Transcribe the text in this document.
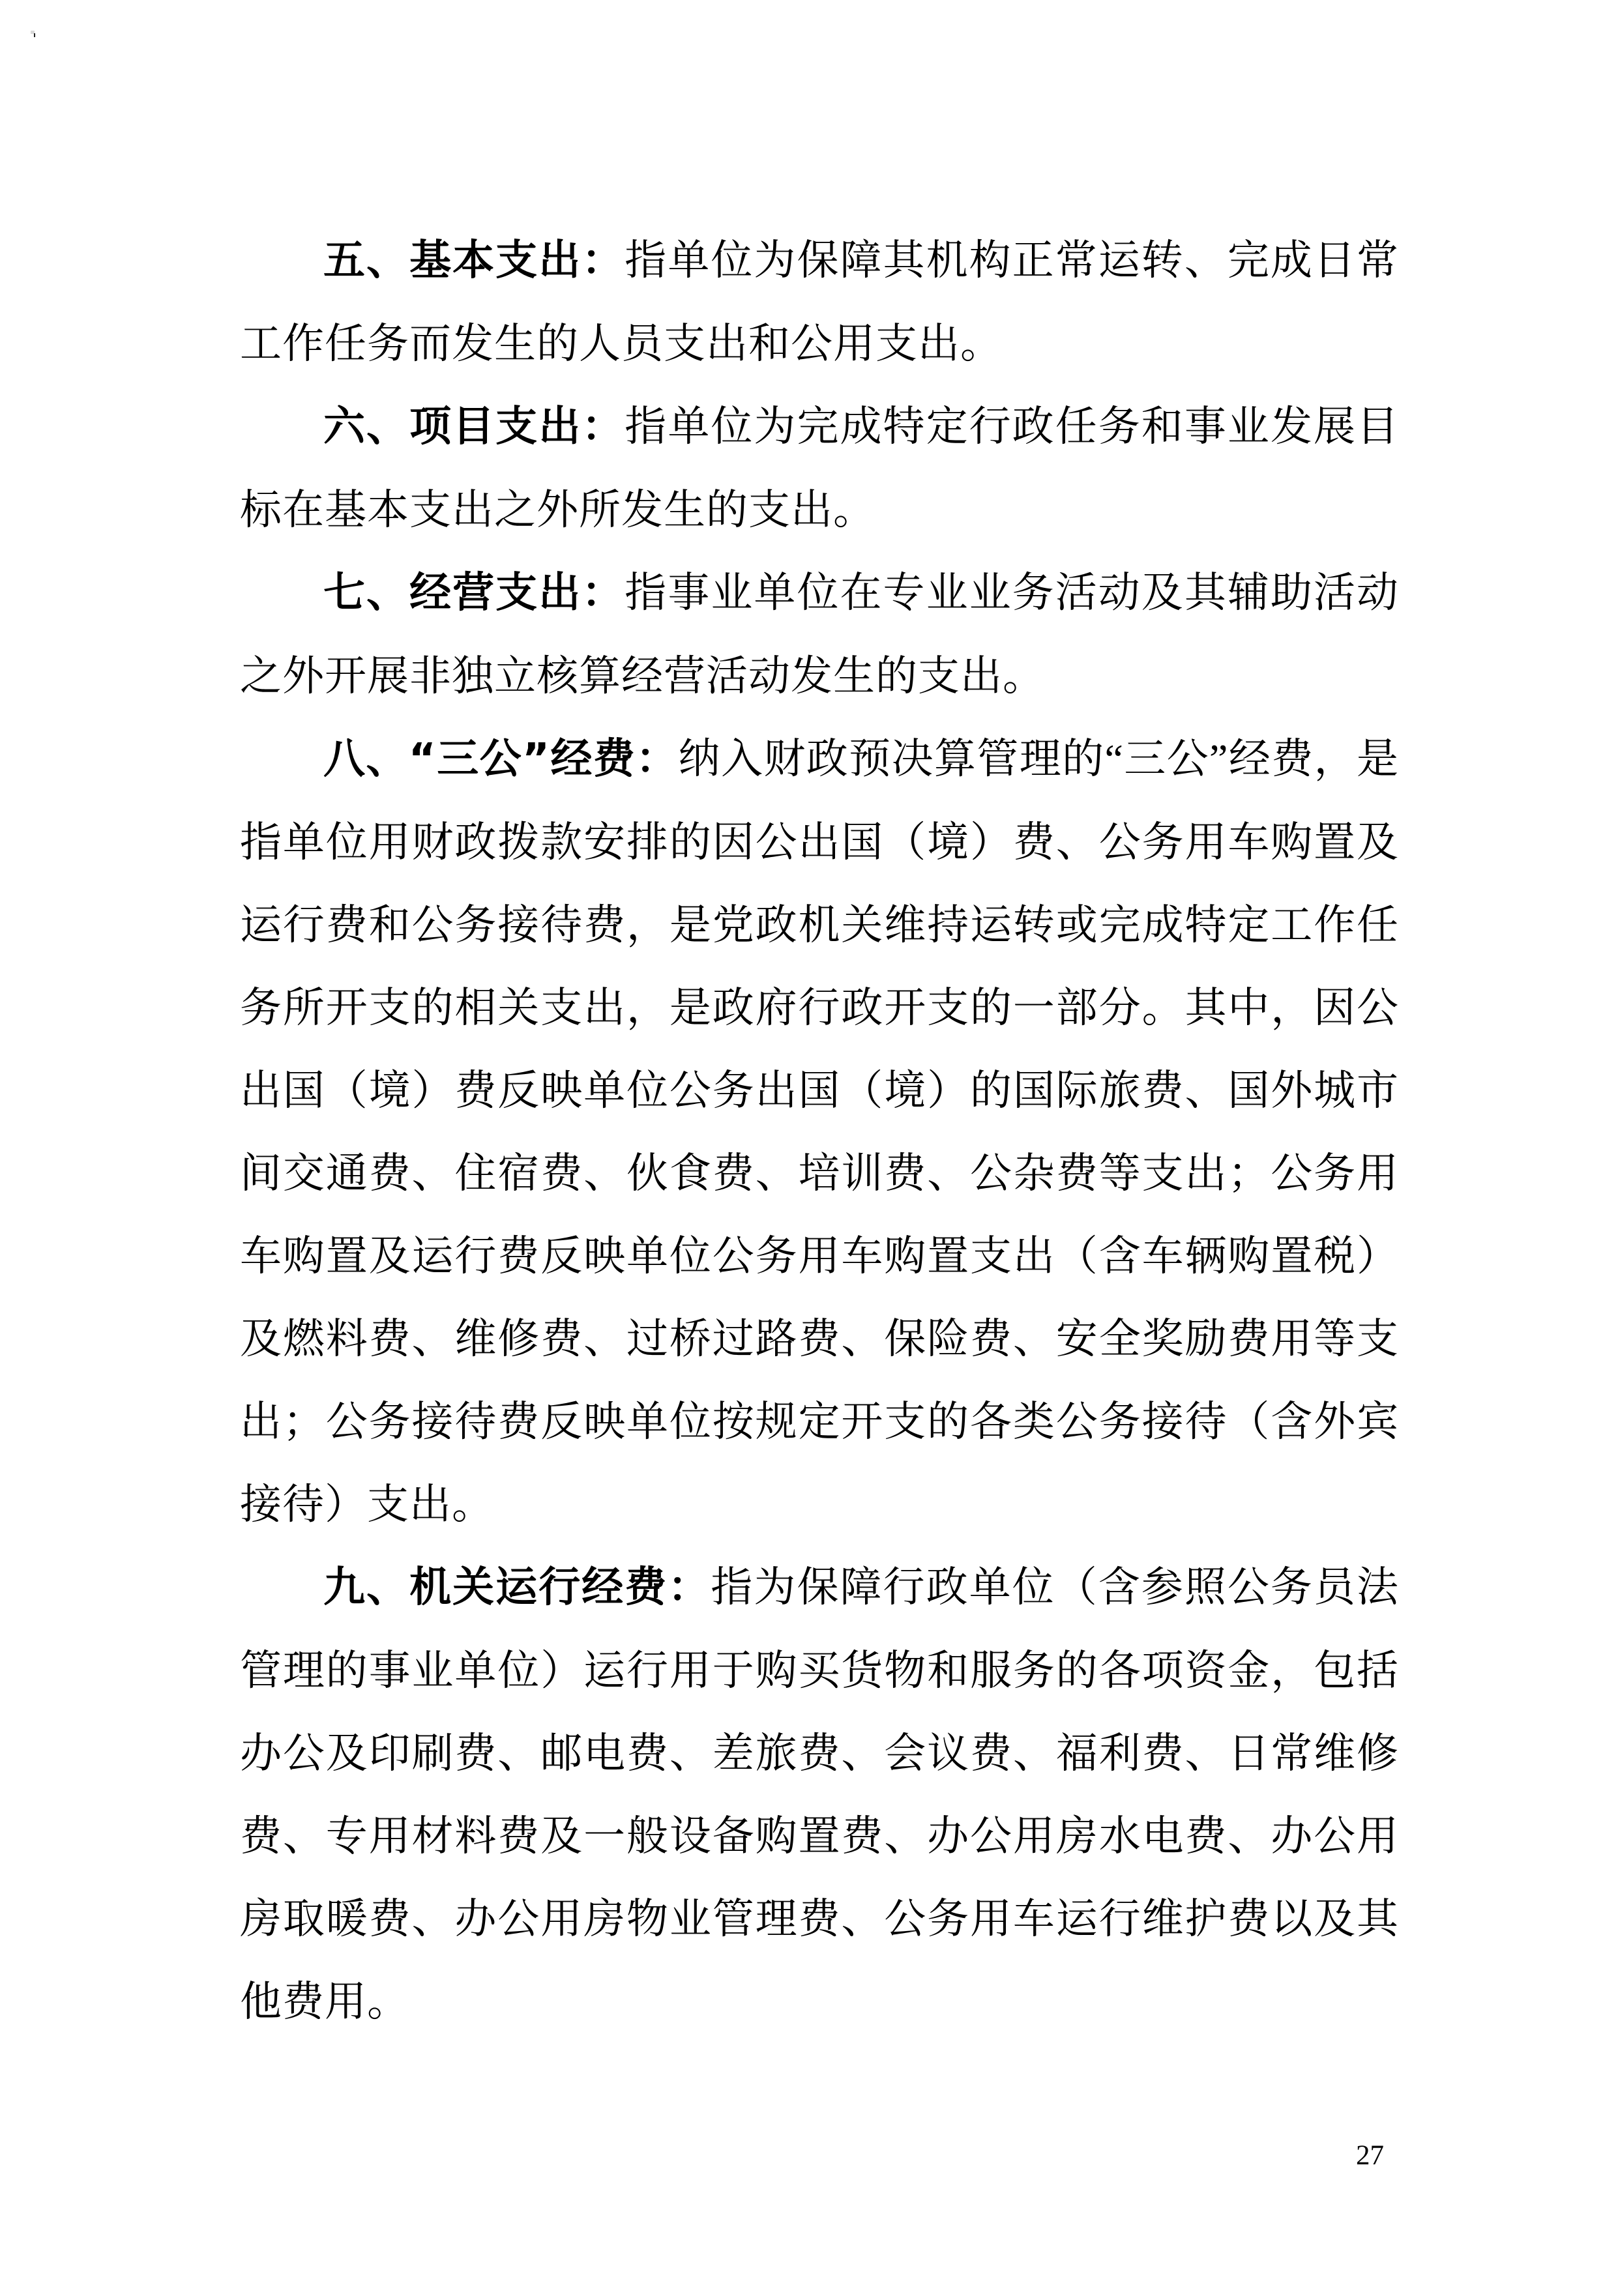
五、基本支出：指单位为保障其机构正常运转、完成日常工作任务而发生的人员支出和公用支出。

六、项目支出：指单位为完成特定行政任务和事业发展目标在基本支出之外所发生的支出。

七、经营支出：指事业单位在专业业务活动及其辅助活动之外开展非独立核算经营活动发生的支出。

八、“三公”经费：纳入财政预决算管理的“三公”经费，是指单位用财政拨款安排的因公出国（境）费、公务用车购置及运行费和公务接待费，是党政机关维持运转或完成特定工作任务所开支的相关支出，是政府行政开支的一部分。其中，因公出国（境）费反映单位公务出国（境）的国际旅费、国外城市间交通费、住宿费、伙食费、培训费、公杂费等支出；公务用车购置及运行费反映单位公务用车购置支出（含车辆购置税）及燃料费、维修费、过桥过路费、保险费、安全奖励费用等支出；公务接待费反映单位按规定开支的各类公务接待（含外宾接待）支出。

九、机关运行经费：指为保障行政单位（含参照公务员法管理的事业单位）运行用于购买货物和服务的各项资金，包括办公及印刷费、邮电费、差旅费、会议费、福利费、日常维修费、专用材料费及一般设备购置费、办公用房水电费、办公用房取暖费、办公用房物业管理费、公务用车运行维护费以及其他费用。

27
